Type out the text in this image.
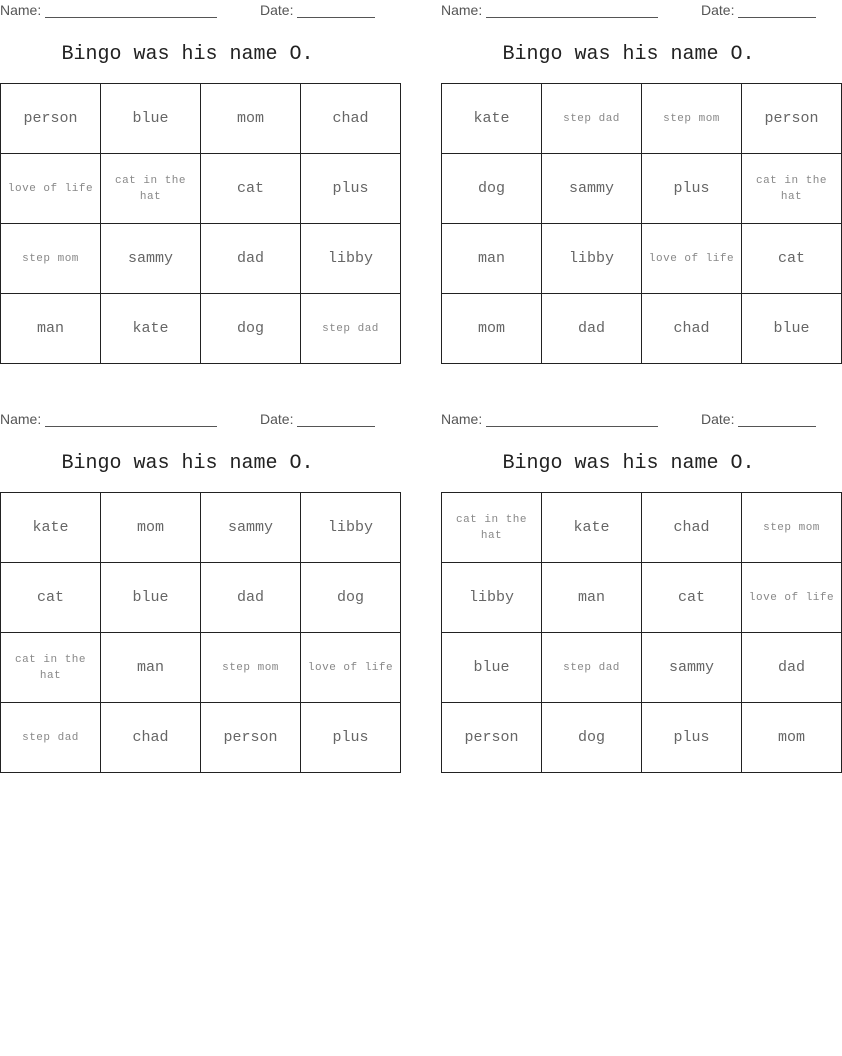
Name:	Date:
Bingo was his name O.
person	blue	mom	chad
love of life	cat in the hat	cat	plus
step mom	sammy	dad	libby
man	kate	dog	step dad
Name:	Date:
Bingo was his name O.
kate	step dad	step mom	person
dog	sammy	plus	cat in the hat
man	libby	love of life	cat
mom	dad	chad	blue
Name:	Date:
Bingo was his name O.
kate	mom	sammy	libby
cat	blue	dad	dog
cat in the hat	man	step mom	love of life
step dad	chad	person	plus
Name:	Date:
Bingo was his name O.
cat in the hat	kate	chad	step mom
libby	man	cat	love of life
blue	step dad	sammy	dad
person	dog	plus	mom
